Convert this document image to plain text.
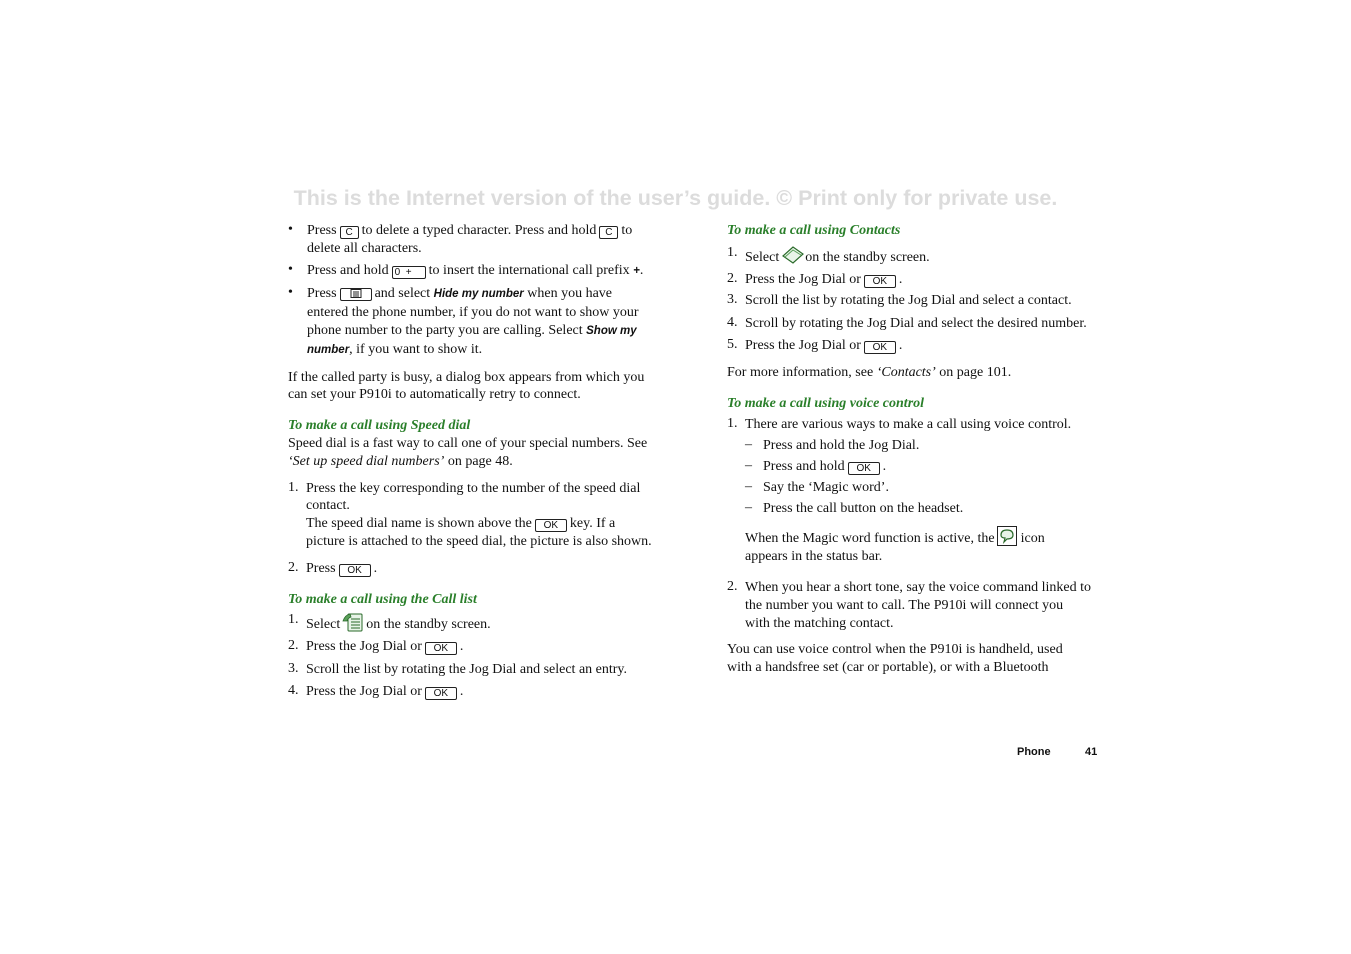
This is the Internet version of the user’s guide. © Print only for private use.
• Press C to delete a typed character. Press and hold C to
delete all characters.
• Press and hold 0  + to insert the international call prefix +.
• Press	and select Hide my number when you have
entered the phone number, if you do not want to show your
phone number to the party you are calling. Select Show my
number, if you want to show it.
If the called party is busy, a dialog box appears from which you
can set your P910i to automatically retry to connect.
To make a call using Speed dial
Speed dial is a fast way to call one of your special numbers. See
‘Set up speed dial numbers’ on page 48.
1. Press the key corresponding to the number of the speed dial
contact.
The speed dial name is shown above the OK key. If a
picture is attached to the speed dial, the picture is also shown.
2. Press OK .
To make a call using the Call list
1. Select on the standby screen.
2. Press the Jog Dial or OK .
3. Scroll the list by rotating the Jog Dial and select an entry.
4. Press the Jog Dial or OK .
To make a call using Contacts
1. Select on the standby screen.
2. Press the Jog Dial or OK .
3. Scroll the list by rotating the Jog Dial and select a contact.
4. Scroll by rotating the Jog Dial and select the desired number.
5. Press the Jog Dial or OK .
For more information, see ‘Contacts’ on page 101.
To make a call using voice control
1. There are various ways to make a call using voice control.
– Press and hold the Jog Dial.
– Press and hold OK .
– Say the ‘Magic word’.
– Press the call button on the headset.
When the Magic word function is active, the icon
appears in the status bar.
2. When you hear a short tone, say the voice command linked to
the number you want to call. The P910i will connect you
with the matching contact.
You can use voice control when the P910i is handheld, used
with a handsfree set (car or portable), or with a Bluetooth
Phone	41
